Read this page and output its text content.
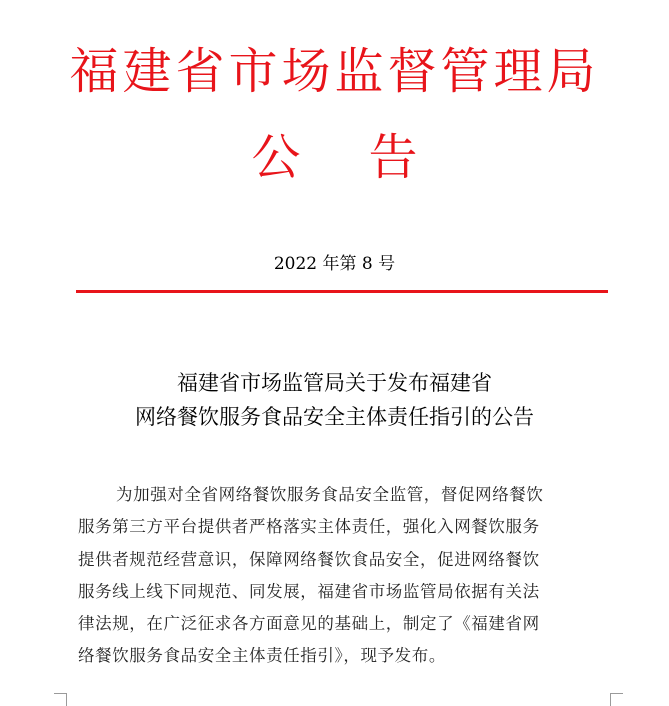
福建省市场监督管理局
公 告
2022 年第 8 号
福建省市场监管局关于发布福建省
网络餐饮服务食品安全主体责任指引的公告
为加强对全省网络餐饮服务食品安全监管，督促网络餐饮
服务第三方平台提供者严格落实主体责任，强化入网餐饮服务
提供者规范经营意识，保障网络餐饮食品安全，促进网络餐饮
服务线上线下同规范、同发展，福建省市场监管局依据有关法
律法规，在广泛征求各方面意见的基础上，制定了《福建省网
络餐饮服务食品安全主体责任指引》，现予发布。
